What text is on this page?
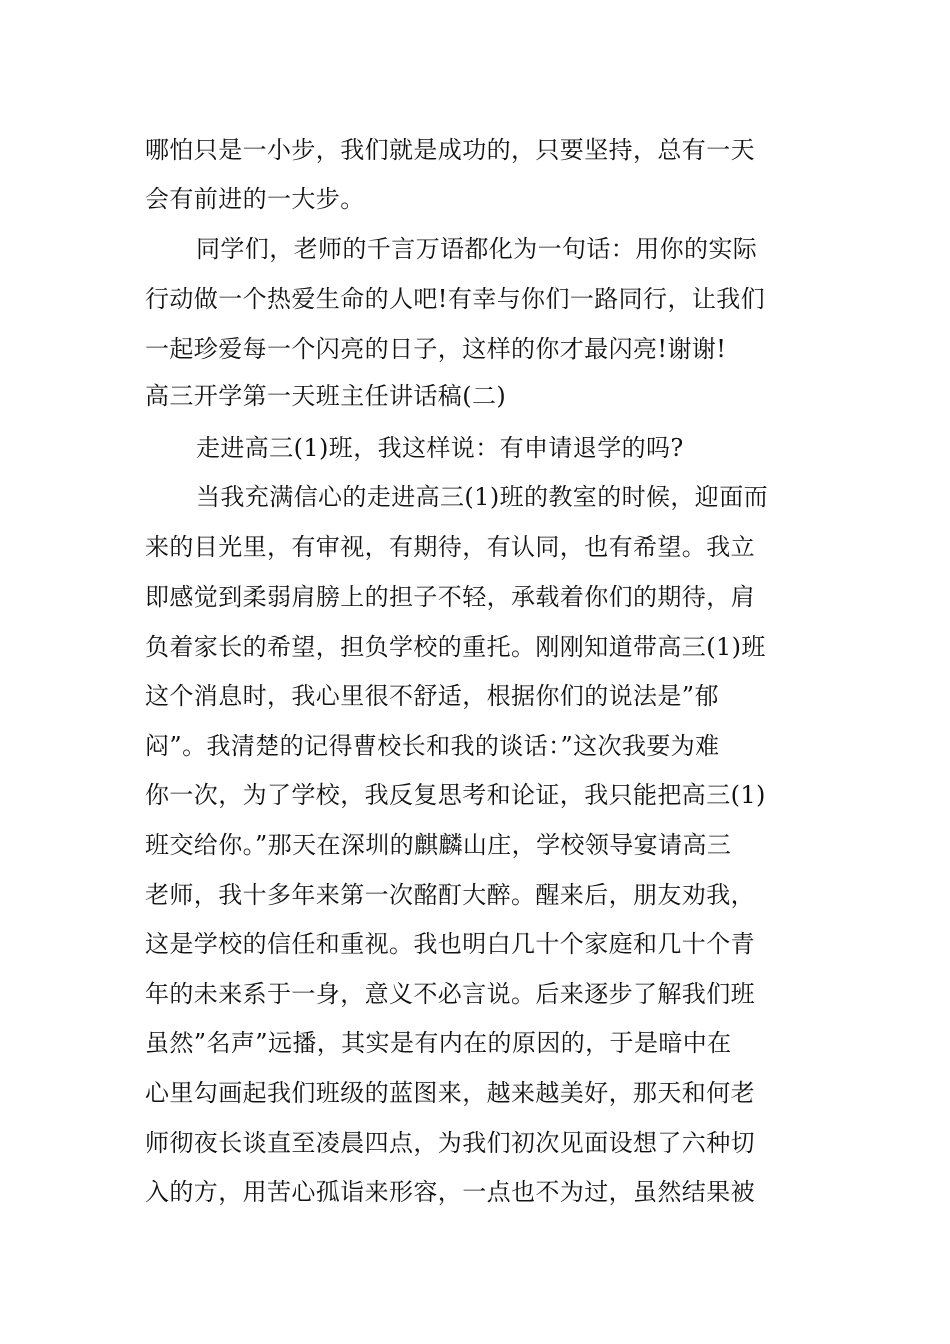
哪怕只是一小步，我们就是成功的，只要坚持，总有一天
会有前进的一大步。
同学们，老师的千言万语都化为一句话：用你的实际
行动做一个热爱生命的人吧!有幸与你们一路同行，让我们
一起珍爱每一个闪亮的日子，这样的你才最闪亮!谢谢!
高三开学第一天班主任讲话稿(二)
走进高三(1)班，我这样说：有申请退学的吗?
当我充满信心的走进高三(1)班的教室的时候，迎面而
来的目光里，有审视，有期待，有认同，也有希望。我立
即感觉到柔弱肩膀上的担子不轻，承载着你们的期待，肩
负着家长的希望，担负学校的重托。刚刚知道带高三(1)班
这个消息时，我心里很不舒适，根据你们的说法是”郁
闷”。我清楚的记得曹校长和我的谈话：”这次我要为难
你一次，为了学校，我反复思考和论证，我只能把高三(1)
班交给你。”那天在深圳的麒麟山庄，学校领导宴请高三
老师，我十多年来第一次酩酊大醉。醒来后，朋友劝我，
这是学校的信任和重视。我也明白几十个家庭和几十个青
年的未来系于一身，意义不必言说。后来逐步了解我们班
虽然”名声”远播，其实是有内在的原因的，于是暗中在
心里勾画起我们班级的蓝图来，越来越美好，那天和何老
师彻夜长谈直至凌晨四点，为我们初次见面设想了六种切
入的方，用苦心孤诣来形容，一点也不为过，虽然结果被
